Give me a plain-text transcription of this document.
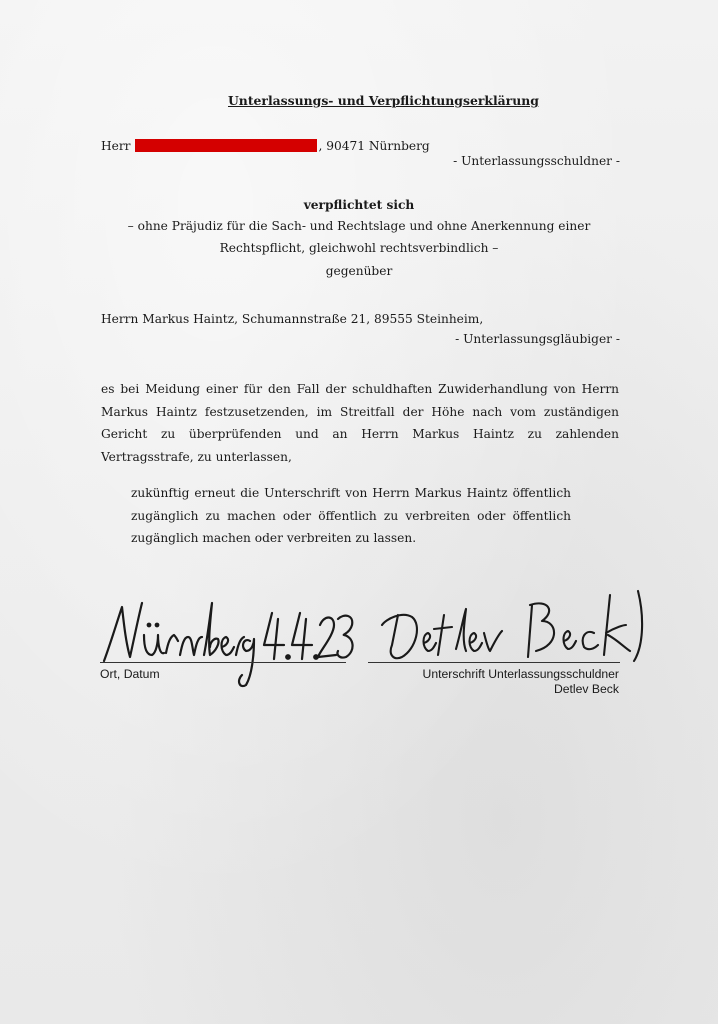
Unterlassungs- und Verpflichtungserklärung
Herr	, 90471 Nürnberg
- Unterlassungsschuldner -
verpflichtet sich
– ohne Präjudiz für die Sach- und Rechtslage und ohne Anerkennung einer
Rechtspflicht, gleichwohl rechtsverbindlich –
gegenüber
Herrn Markus Haintz, Schumannstraße 21, 89555 Steinheim,
- Unterlassungsgläubiger -
es bei Meidung einer für den Fall der schuldhaften Zuwiderhandlung von Herrn Markus Haintz festzusetzenden, im Streitfall der Höhe nach vom zuständigen Gericht zu überprüfenden und an Herrn Markus Haintz zu zahlenden Vertragsstrafe, zu unterlassen,
zukünftig erneut die Unterschrift von Herrn Markus Haintz öffentlich zugänglich zu machen oder öffentlich zu verbreiten oder öffentlich zugänglich machen oder verbreiten zu lassen.
Ort, Datum	Unterschrift Unterlassungsschuldner
Detlev Beck
